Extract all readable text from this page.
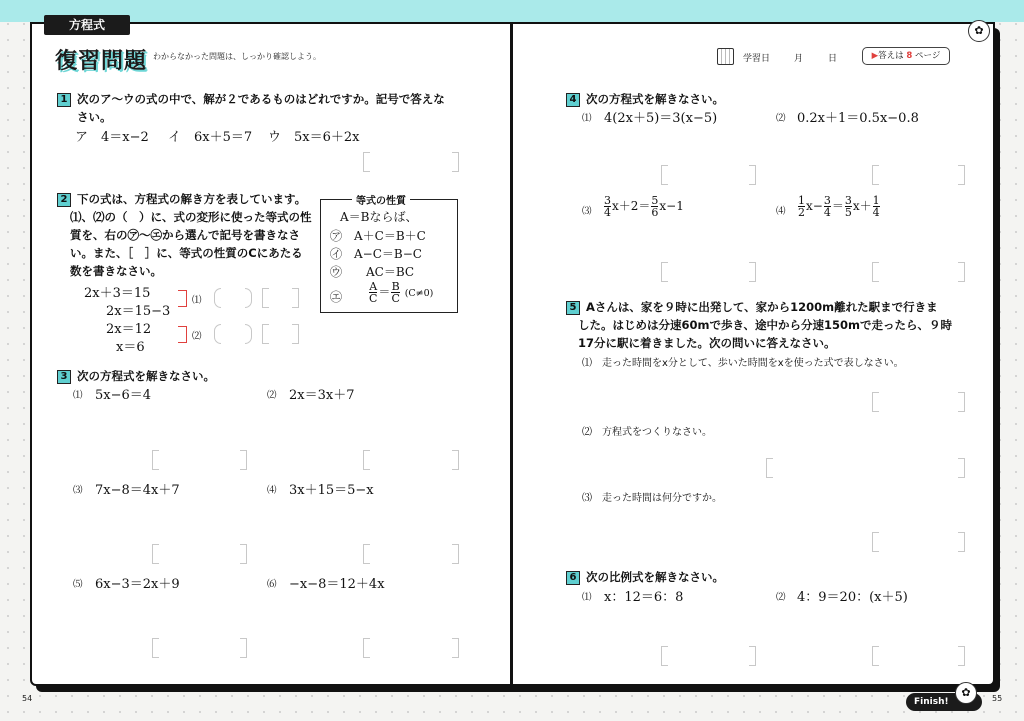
方程式
復習問題 わからなかった問題は、しっかり確認しよう。	学習日	月	日	▶答えは 8 ページ
✿
1 次のア〜ウの式の中で、解が２であるものはどれですか。記号で答えな
さい。
ア　4＝x−2 イ　6x＋5＝7 ウ　5x＝6＋2x
2 下の式は、方程式の解き方を表しています。
⑴、⑵の（　）に、式の変形に使った等式の性
質を、右の㋐〜㋓から選んで記号を書きなさ
い。また、［　］に、等式の性質のCにあたる
数を書きなさい。
2x＋3＝15
2x＝15−3
2x＝12
x＝6
⑴
⑵
等式の性質
A＝Bならば、
㋐　A＋C＝B＋C
㋑　A−C＝B−C
㋒　　AC＝BC
㋓ $\frac{A}{C} = \frac{B}{C} (C\ne 0)$
3 次の方程式を解きなさい。
⑴ 5x−6＝4	⑵ 2x＝3x＋7
⑶ 7x−8＝4x＋7	⑷ 3x＋15＝5−x
⑸ 6x−3＝2x＋9	⑹ −x−8＝12＋4x
4 次の方程式を解きなさい。
⑴ 4(2x＋5)＝3(x−5)	⑵ 0.2x＋1＝0.5x−0.8
⑶ $\frac{3}{4} x+2= \frac{5}{6} x-1$	⑷ $\frac{1}{2} x- \frac{3}{4} = \frac{3}{5} x+ \frac{1}{4}$
5 Aさんは、家を９時に出発して、家から1200m離れた駅まで行きま
した。はじめは分速60mで歩き、途中から分速150mで走ったら、９時
17分に駅に着きました。次の問いに答えなさい。
⑴　走った時間をx分として、歩いた時間をxを使った式で表しなさい。
⑵　方程式をつくりなさい。
⑶　走った時間は何分ですか。
6 次の比例式を解きなさい。
⑴ x：12＝6：8	⑵ 4：9＝20：(x＋5)
54	55
Finish!
✿
